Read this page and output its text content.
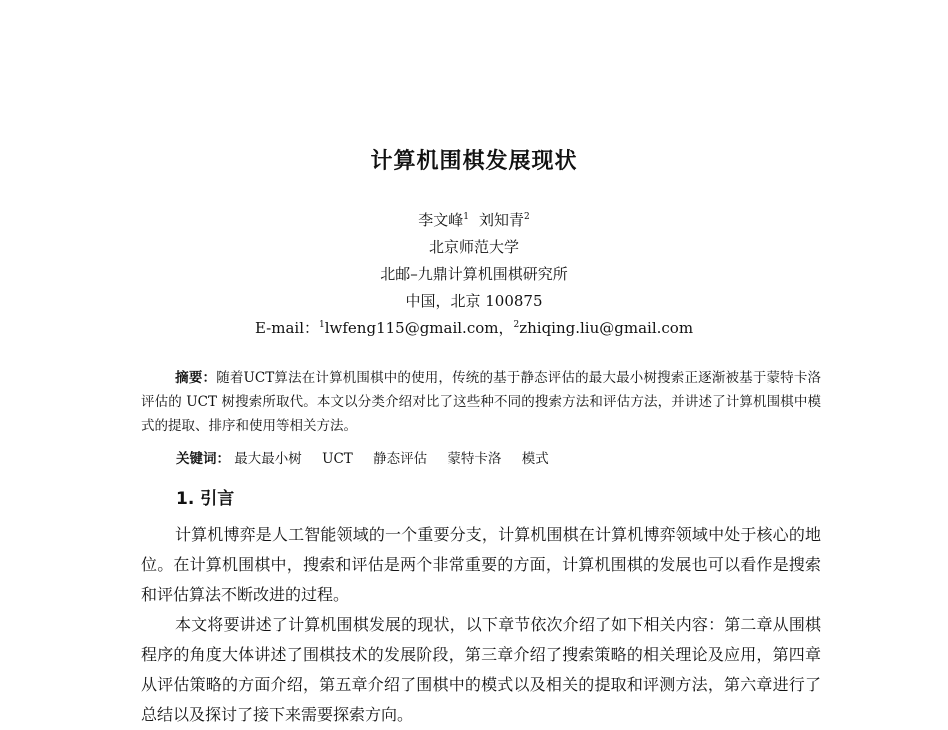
计算机围棋发展现状
李文峰$^1$ 刘知青$^2$
北京师范大学
北邮–九鼎计算机围棋研究所
中国，北京 100875
E-mail：$^1$lwfeng115@gmail.com，$^2$zhiqing.liu@gmail.com
摘要：随着UCT算法在计算机围棋中的使用，传统的基于静态评估的最大最小树搜索正逐渐被基于蒙特卡洛评估的 UCT 树搜索所取代。本文以分类介绍对比了这些种不同的搜索方法和评估方法，并讲述了计算机围棋中模式的提取、排序和使用等相关方法。
关键词： 最大最小树 UCT 静态评估 蒙特卡洛 模式
1. 引言

计算机博弈是人工智能领域的一个重要分支，计算机围棋在计算机博弈领域中处于核心的地位。在计算机围棋中，搜索和评估是两个非常重要的方面，计算机围棋的发展也可以看作是搜索和评估算法不断改进的过程。

本文将要讲述了计算机围棋发展的现状，以下章节依次介绍了如下相关内容：第二章从围棋程序的角度大体讲述了围棋技术的发展阶段，第三章介绍了搜索策略的相关理论及应用，第四章从评估策略的方面介绍，第五章介绍了围棋中的模式以及相关的提取和评测方法，第六章进行了总结以及探讨了接下来需要探索方向。
